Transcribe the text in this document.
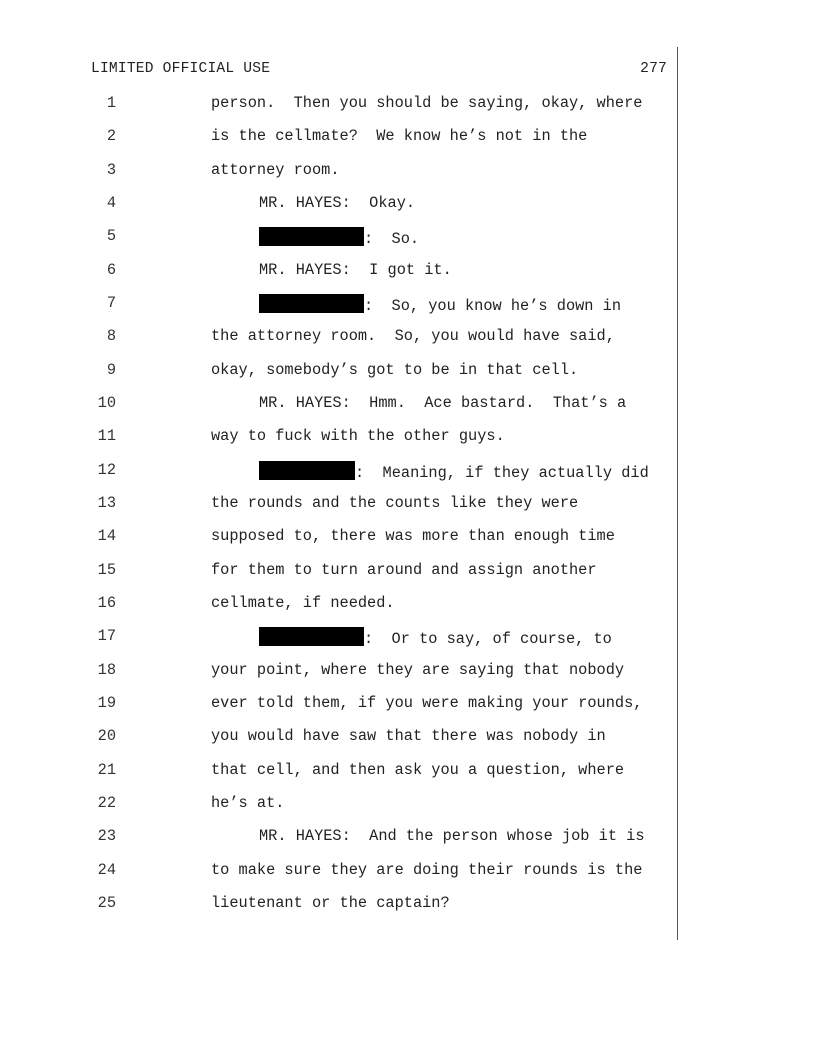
LIMITED OFFICIAL USE	277
1	person.  Then you should be saying, okay, where
2	is the cellmate?  We know he’s not in the
3	attorney room.
4	MR. HAYES:  Okay.
5	:  So.
6	MR. HAYES:  I got it.
7	:  So, you know he’s down in
8	the attorney room.  So, you would have said,
9	okay, somebody’s got to be in that cell.
10	MR. HAYES:  Hmm.  Ace bastard.  That’s a
11	way to fuck with the other guys.
12	:  Meaning, if they actually did
13	the rounds and the counts like they were
14	supposed to, there was more than enough time
15	for them to turn around and assign another
16	cellmate, if needed.
17	:  Or to say, of course, to
18	your point, where they are saying that nobody
19	ever told them, if you were making your rounds,
20	you would have saw that there was nobody in
21	that cell, and then ask you a question, where
22	he’s at.
23	MR. HAYES:  And the person whose job it is
24	to make sure they are doing their rounds is the
25	lieutenant or the captain?
